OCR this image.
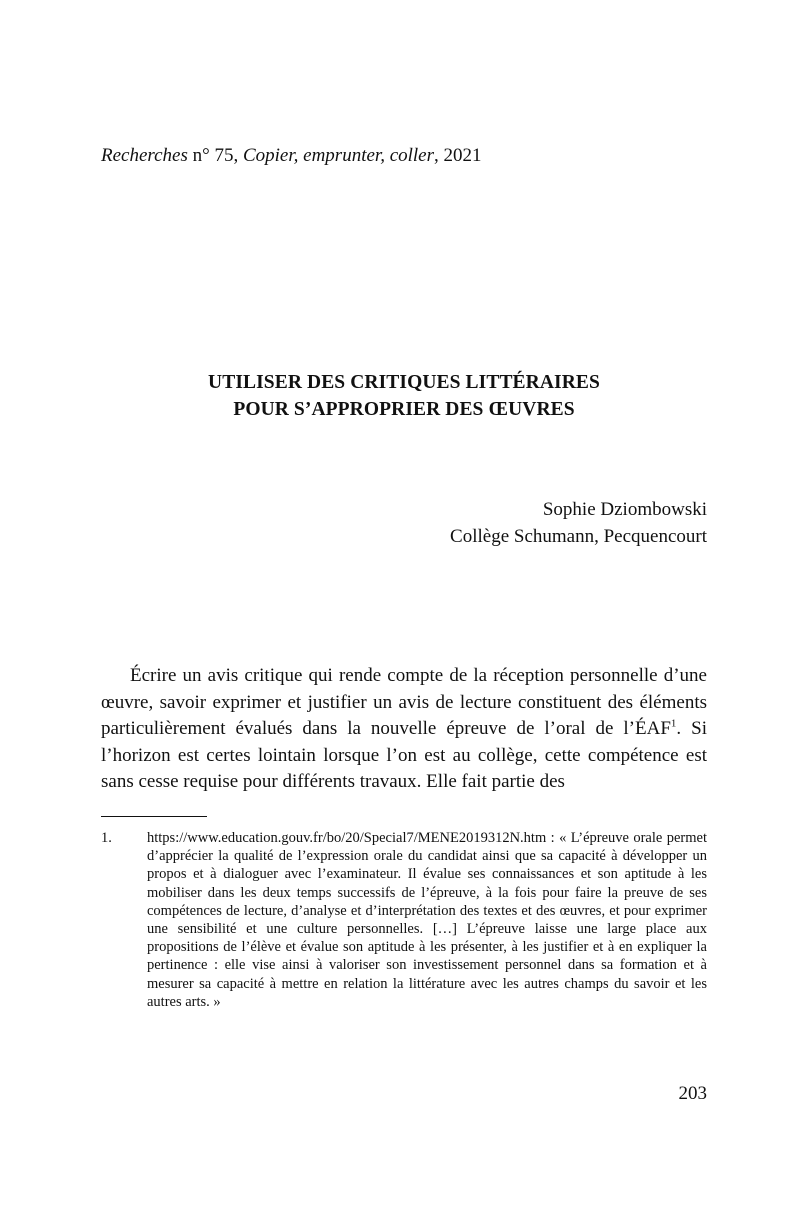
Recherches n° 75, Copier, emprunter, coller, 2021
UTILISER DES CRITIQUES LITTÉRAIRES
POUR S’APPROPRIER DES ŒUVRES
Sophie Dziombowski
Collège Schumann, Pecquencourt

Écrire un avis critique qui rende compte de la réception personnelle d’une œuvre, savoir exprimer et justifier un avis de lecture constituent des éléments particulièrement évalués dans la nouvelle épreuve de l’oral de l’ÉAF$^1$. Si l’horizon est certes lointain lorsque l’on est au collège, cette compétence est sans cesse requise pour différents travaux. Elle fait partie des

1. https://www.education.gouv.fr/bo/20/Special7/MENE2019312N.htm : « L’épreuve orale permet d’apprécier la qualité de l’expression orale du candidat ainsi que sa capacité à développer un propos et à dialoguer avec l’examinateur. Il évalue ses connaissances et son aptitude à les mobiliser dans les deux temps successifs de l’épreuve, à la fois pour faire la preuve de ses compétences de lecture, d’analyse et d’interprétation des textes et des œuvres, et pour exprimer une sensibilité et une culture personnelles. […] L’épreuve laisse une large place aux propositions de l’élève et évalue son aptitude à les présenter, à les justifier et à en expliquer la pertinence : elle vise ainsi à valoriser son investissement personnel dans sa formation et à mesurer sa capacité à mettre en relation la littérature avec les autres champs du savoir et les autres arts. »
203
